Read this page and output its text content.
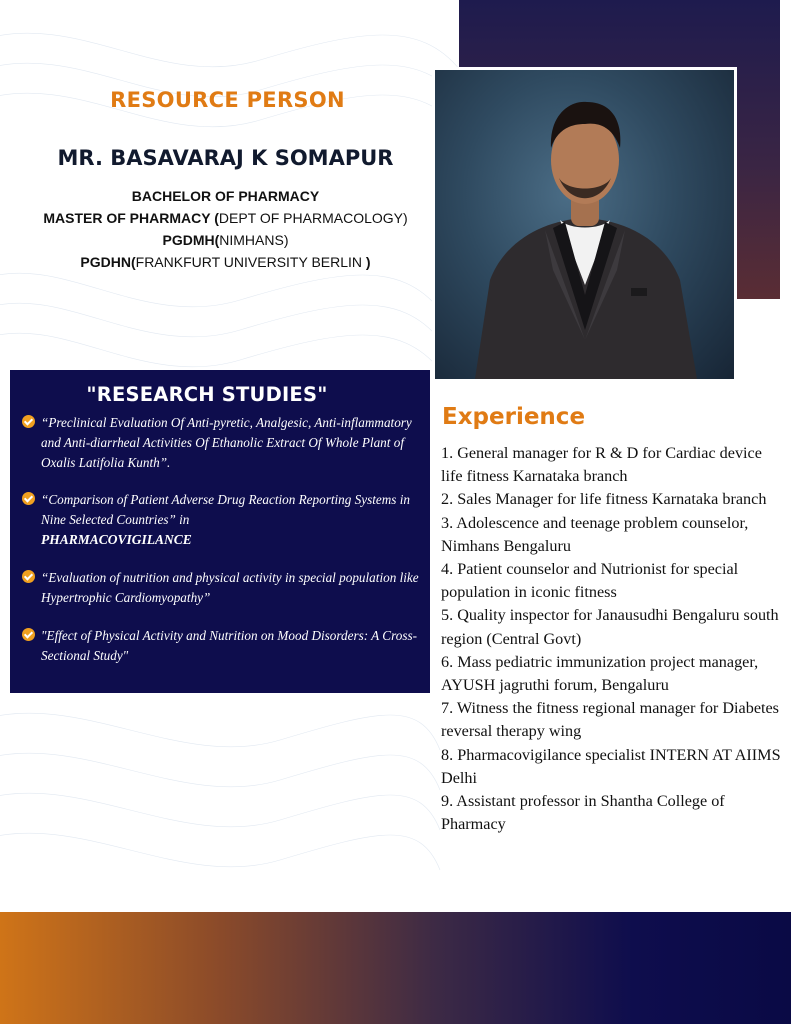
RESOURCE PERSON
MR. BASAVARAJ K SOMAPUR
BACHELOR OF PHARMACY
MASTER OF PHARMACY (DEPT OF PHARMACOLOGY)
PGDMH(NIMHANS)
PGDHN(FRANKFURT UNIVERSITY BERLIN )
"RESEARCH STUDIES"
“Preclinical Evaluation Of Anti-pyretic, Analgesic, Anti-inflammatory and Anti-diarrheal Activities Of Ethanolic Extract Of Whole Plant of Oxalis Latifolia Kunth”.
“Comparison of Patient Adverse Drug Reaction Reporting Systems in Nine Selected Countries” in
PHARMACOVIGILANCE
“Evaluation of nutrition and physical activity in special population like Hypertrophic Cardiomyopathy”
"Effect of Physical Activity and Nutrition on Mood Disorders: A Cross-Sectional Study"
Experience
1. General manager for R & D for Cardiac device life fitness Karnataka branch
2. Sales Manager for life fitness Karnataka branch
3. Adolescence and teenage problem counselor, Nimhans Bengaluru
4. Patient counselor and Nutrionist for special population in iconic fitness
5. Quality inspector for Janausudhi Bengaluru south region (Central Govt)
6. Mass pediatric immunization project manager, AYUSH jagruthi forum, Bengaluru
7. Witness the fitness regional manager for Diabetes reversal therapy wing
8. Pharmacovigilance specialist INTERN AT AIIMS Delhi
9. Assistant professor in Shantha College of Pharmacy
